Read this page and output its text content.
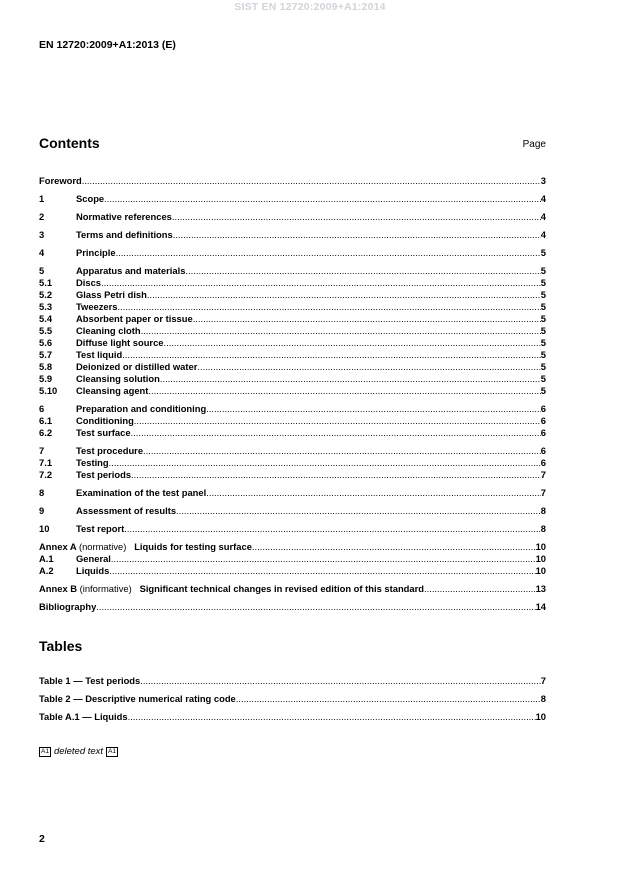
SIST EN 12720:2009+A1:2014
EN 12720:2009+A1:2013 (E)
Contents	Page
Foreword .....	3
1	Scope .....	4
2	Normative references .....	4
3	Terms and definitions .....	4
4	Principle .....	5
5	Apparatus and materials .....	5
5.1	Discs .....	5
5.2	Glass Petri dish .....	5
5.3	Tweezers .....	5
5.4	Absorbent paper or tissue .....	5
5.5	Cleaning cloth .....	5
5.6	Diffuse light source .....	5
5.7	Test liquid .....	5
5.8	Deionized or distilled water .....	5
5.9	Cleansing solution .....	5
5.10	Cleansing agent .....	5
6	Preparation and conditioning .....	6
6.1	Conditioning .....	6
6.2	Test surface .....	6
7	Test procedure .....	6
7.1	Testing .....	6
7.2	Test periods .....	7
8	Examination of the test panel .....	7
9	Assessment of results .....	8
10	Test report .....	8
Annex A (normative) Liquids for testing surface .....	10
A.1	General .....	10
A.2	Liquids .....	10
Annex B (informative) Significant technical changes in revised edition of this standard .....	13
Bibliography .....	14
Table 1 — Test periods .....	7
Table 2 — Descriptive numerical rating code .....	8
Table A.1 — Liquids .....	10
Tables
A1 deleted text A1
2
